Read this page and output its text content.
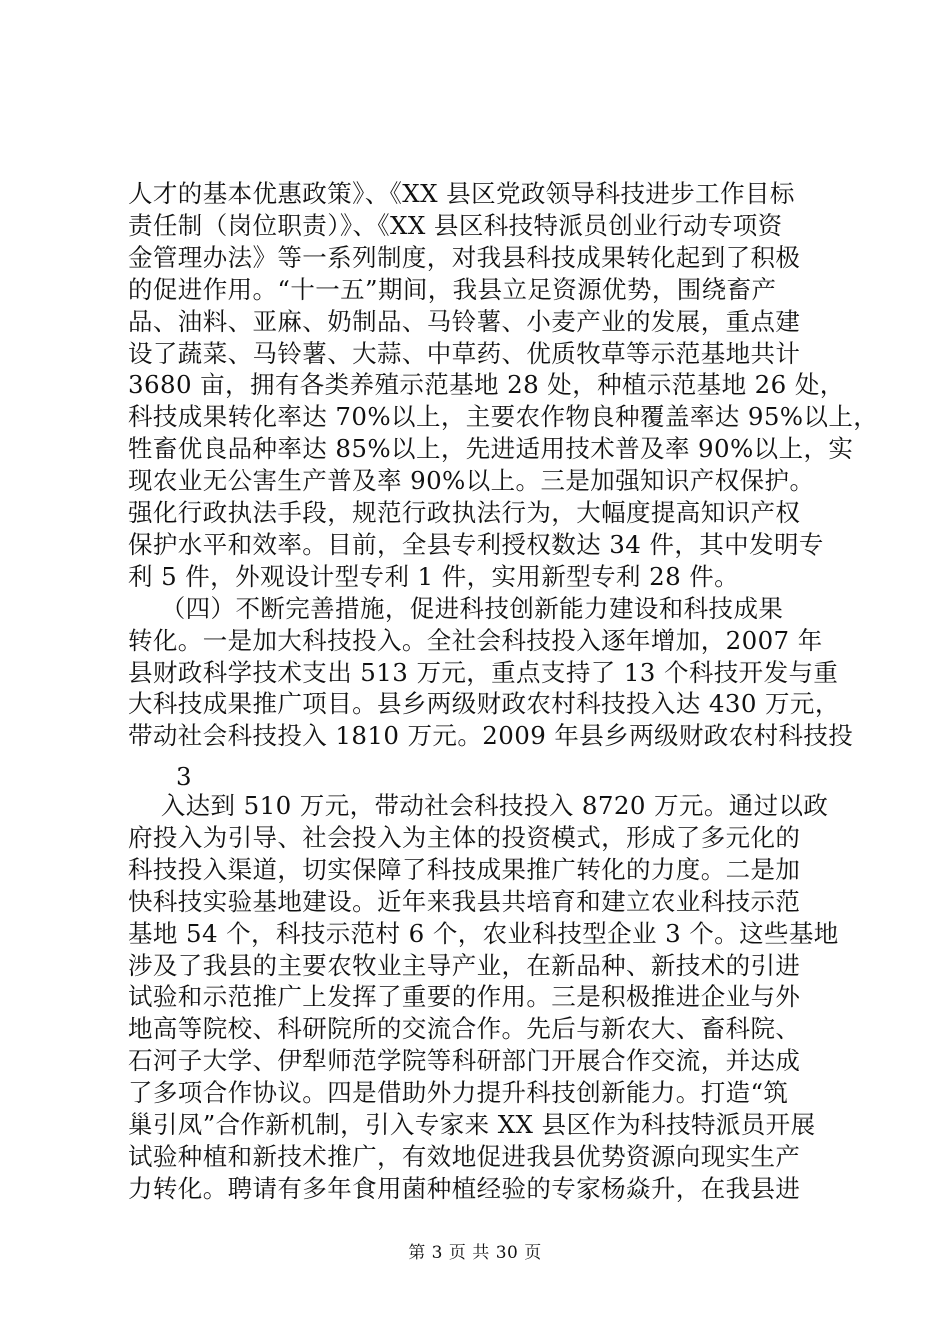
人才的基本优惠政策》、《XX 县区党政领导科技进步工作目标
责任制（岗位职责）》、《XX 县区科技特派员创业行动专项资
金管理办法》等一系列制度，对我县科技成果转化起到了积极
的促进作用。“十一五”期间，我县立足资源优势，围绕畜产
品、油料、亚麻、奶制品、马铃薯、小麦产业的发展，重点建
设了蔬菜、马铃薯、大蒜、中草药、优质牧草等示范基地共计
3680 亩，拥有各类养殖示范基地 28 处，种植示范基地 26 处，
科技成果转化率达 70%以上，主要农作物良种覆盖率达 95%以上，
牲畜优良品种率达 85%以上，先进适用技术普及率 90%以上，实
现农业无公害生产普及率 90%以上。三是加强知识产权保护。
强化行政执法手段，规范行政执法行为，大幅度提高知识产权
保护水平和效率。目前，全县专利授权数达 34 件，其中发明专
利 5 件，外观设计型专利 1 件，实用新型专利 28 件。
（四）不断完善措施，促进科技创新能力建设和科技成果
转化。一是加大科技投入。全社会科技投入逐年增加，2007 年
县财政科学技术支出 513 万元，重点支持了 13 个科技开发与重
大科技成果推广项目。县乡两级财政农村科技投入达 430 万元，
带动社会科技投入 1810 万元。2009 年县乡两级财政农村科技投
3
入达到 510 万元，带动社会科技投入 8720 万元。通过以政
府投入为引导、社会投入为主体的投资模式，形成了多元化的
科技投入渠道，切实保障了科技成果推广转化的力度。二是加
快科技实验基地建设。近年来我县共培育和建立农业科技示范
基地 54 个，科技示范村 6 个，农业科技型企业 3 个。这些基地
涉及了我县的主要农牧业主导产业，在新品种、新技术的引进
试验和示范推广上发挥了重要的作用。三是积极推进企业与外
地高等院校、科研院所的交流合作。先后与新农大、畜科院、
石河子大学、伊犁师范学院等科研部门开展合作交流，并达成
了多项合作协议。四是借助外力提升科技创新能力。打造“筑
巢引凤”合作新机制，引入专家来 XX 县区作为科技特派员开展
试验种植和新技术推广，有效地促进我县优势资源向现实生产
力转化。聘请有多年食用菌种植经验的专家杨焱升，在我县进
第 3 页 共 30 页
